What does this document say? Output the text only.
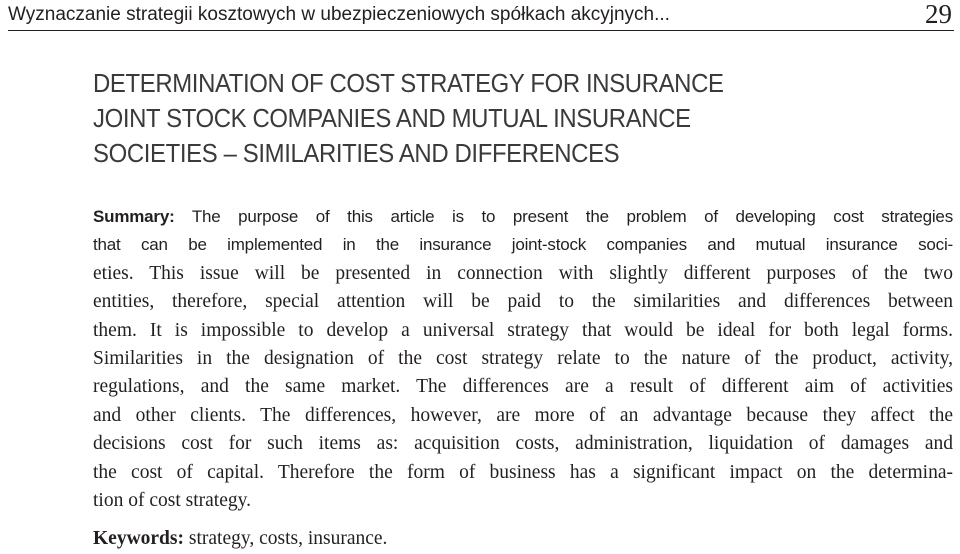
Wyznaczanie strategii kosztowych w ubezpieczeniowych spółkach akcyjnych...	29
DETERMINATION OF COST STRATEGY FOR INSURANCE
JOINT STOCK COMPANIES AND MUTUAL INSURANCE
SOCIETIES – SIMILARITIES AND DIFFERENCES
Summary: The purpose of this article is to present the problem of developing cost strategies
that can be implemented in the insurance joint-stock companies and mutual insurance soci-
eties. This issue will be presented in connection with slightly different purposes of the two
entities, therefore, special attention will be paid to the similarities and differences between
them. It is impossible to develop a universal strategy that would be ideal for both legal forms.
Similarities in the designation of the cost strategy relate to the nature of the product, activity,
regulations, and the same market. The differences are a result of different aim of activities
and other clients. The differences, however, are more of an advantage because they affect the
decisions cost for such items as: acquisition costs, administration, liquidation of damages and
the cost of capital. Therefore the form of business has a significant impact on the determina-
tion of cost strategy.

Keywords: strategy, costs, insurance.
